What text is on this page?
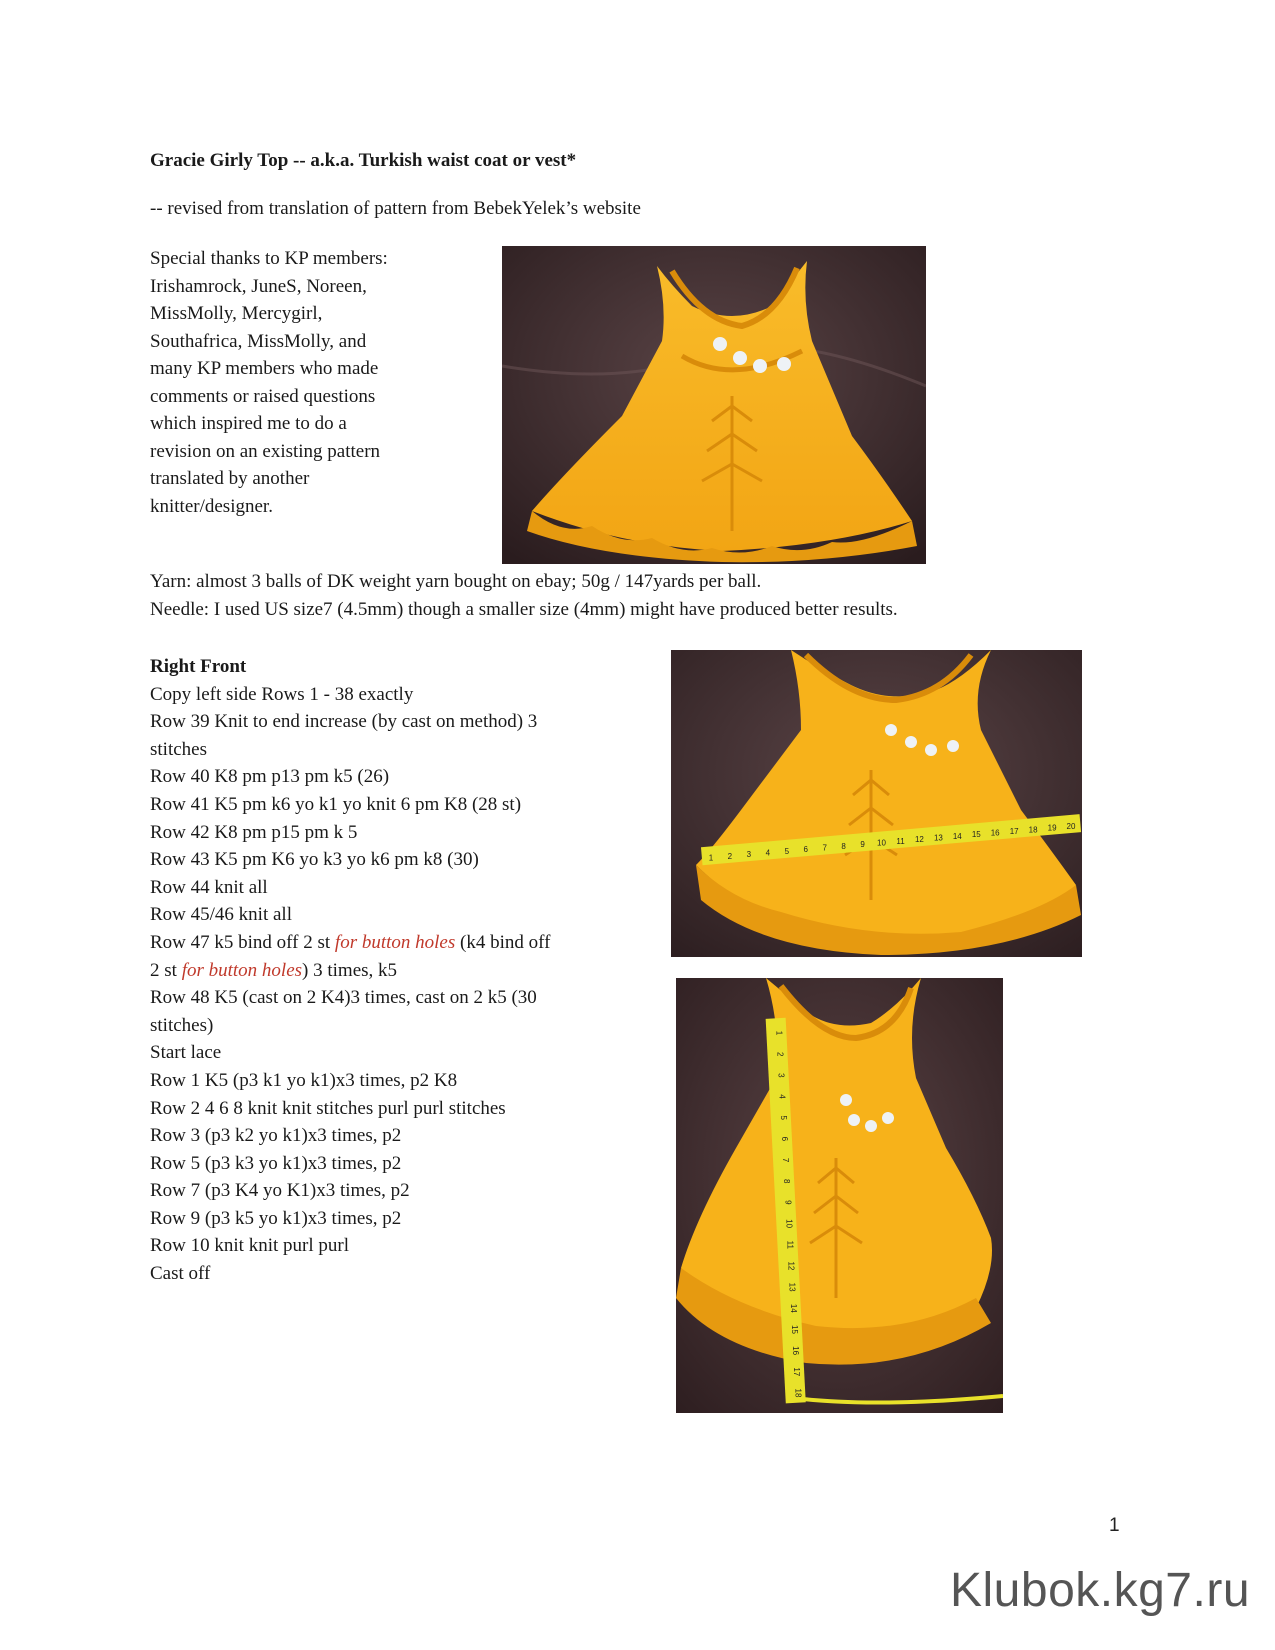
Gracie Girly Top -- a.k.a. Turkish waist coat or vest*
-- revised from translation of pattern from BebekYelek’s website
Special thanks to KP members:
Irishamrock, JuneS, Noreen,
MissMolly, Mercygirl,
Southafrica, MissMolly, and
many KP members who made
comments or raised questions
which inspired me to do a
revision on an existing pattern
translated by another
knitter/designer.
Yarn: almost 3 balls of DK weight yarn bought on ebay; 50g / 147yards per ball.
Needle: I used US size7 (4.5mm) though a smaller size (4mm) might have produced better results.
Right Front
Copy left side Rows 1 - 38 exactly
Row 39 Knit to end increase (by cast on method) 3
stitches
Row 40 K8 pm p13 pm k5 (26)
Row 41 K5 pm k6 yo k1 yo knit 6 pm K8 (28 st)
Row 42 K8 pm p15 pm k 5
Row 43 K5 pm K6 yo k3 yo k6 pm k8 (30)
Row 44 knit all
Row 45/46 knit all
Row 47 k5 bind off 2 st for button holes (k4 bind off
2 st for button holes) 3 times, k5
Row 48 K5 (cast on 2 K4)3 times, cast on 2 k5 (30
stitches)
Start lace
Row 1 K5 (p3 k1 yo k1)x3 times, p2 K8
Row 2 4 6 8 knit knit stitches purl purl stitches
Row 3 (p3 k2 yo k1)x3 times, p2
Row 5 (p3 k3 yo k1)x3 times, p2
Row 7 (p3 K4 yo K1)x3 times, p2
Row 9 (p3 k5 yo k1)x3 times, p2
Row 10 knit knit purl purl
Cast off
1 2 3 4 5 6 7 8 9 10 11 12 13 14 15 16 17 18 19 20
1
2
3
4
5
6
7
8
9
10
11
12
13
14
15
16
17
18
1
Klubok.kg7.ru
